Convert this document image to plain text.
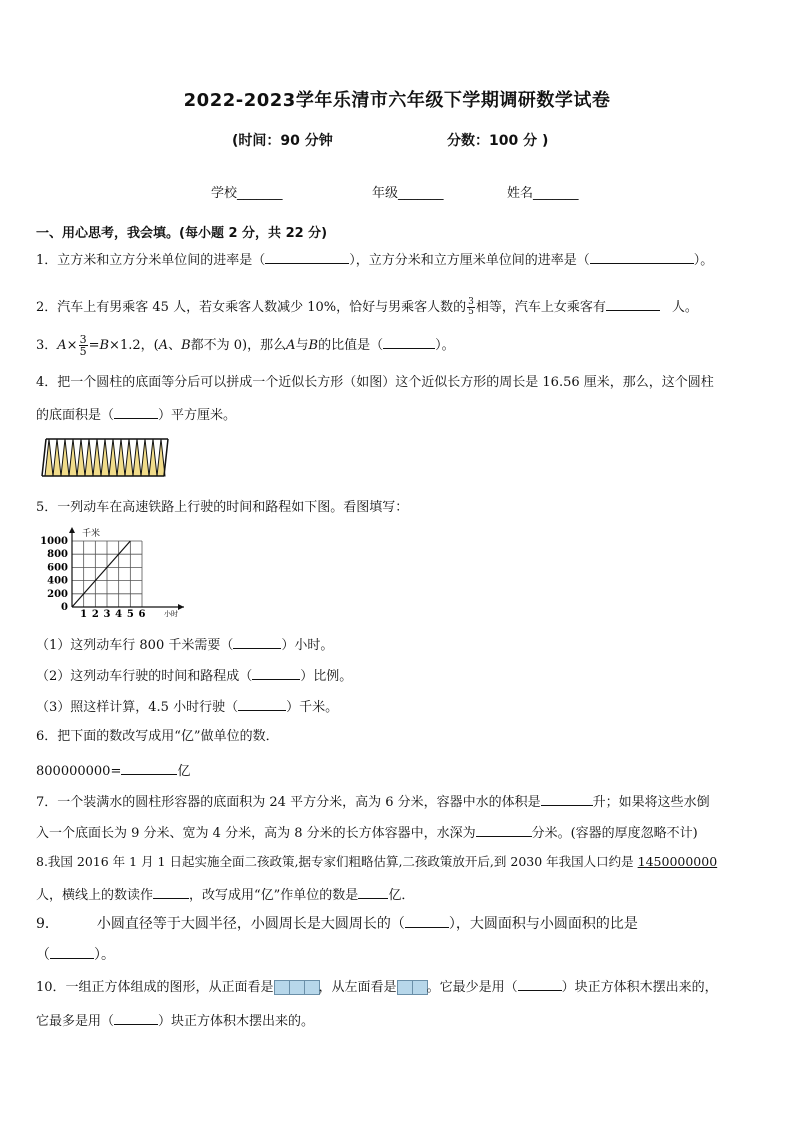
2022-2023学年乐清市六年级下学期调研数学试卷
(时间：90 分钟	分数：100 分 )
学校_______	年级_______	姓名_______
一、用心思考，我会填。(每小题 2 分，共 22 分)
1．立方米和立方分米单位间的进率是（	），立方分米和立方厘米单位间的进率是（	）。
2．汽车上有男乘客 45 人，若女乘客人数减少 10%，恰好与男乘客人数的 $\frac{3}{5}$ 相等，汽车上女乘客有	人。
3．$A\times \frac{3}{5} =B\times 1.2$，(A、B都不为 0)，那么A与B的比值是（	）。
4．把一个圆柱的底面等分后可以拼成一个近似长方形（如图）这个近似长方形的周长是 16.56 厘米，那么，这个圆柱
的底面积是（	）平方厘米。
5．一列动车在高速铁路上行驶的时间和路程如下图。看图填写：
0
200
400
600
800
1000
1 2 3 4 5 6
千米
小时
（1）这列动车行 800 千米需要（	）小时。
（2）这列动车行驶的时间和路程成（	）比例。
（3）照这样计算，4.5 小时行驶（	）千米。
6．把下面的数改写成用“亿”做单位的数．
800000000=	亿
7．一个装满水的圆柱形容器的底面积为 24 平方分米，高为 6 分米，容器中水的体积是	升；如果将这些水倒
入一个底面长为 9 分米、宽为 4 分米，高为 8 分米的长方体容器中，水深为	分米。(容器的厚度忽略不计)
8.我国 2016 年 1 月 1 日起实施全面二孩政策,据专家们粗略估算,二孩政策放开后,到 2030 年我国人口约是 1450000000
人，横线上的数读作	，改写成用“亿”作单位的数是 亿．
9．	小圆直径等于大圆半径，小圆周长是大圆周长的（	），大圆面积与小圆面积的比是
（	）。
10．一组正方体组成的图形，从正面看是	，从左面看是 。它最少是用（	）块正方体积木摆出来的，
它最多是用（	）块正方体积木摆出来的。
